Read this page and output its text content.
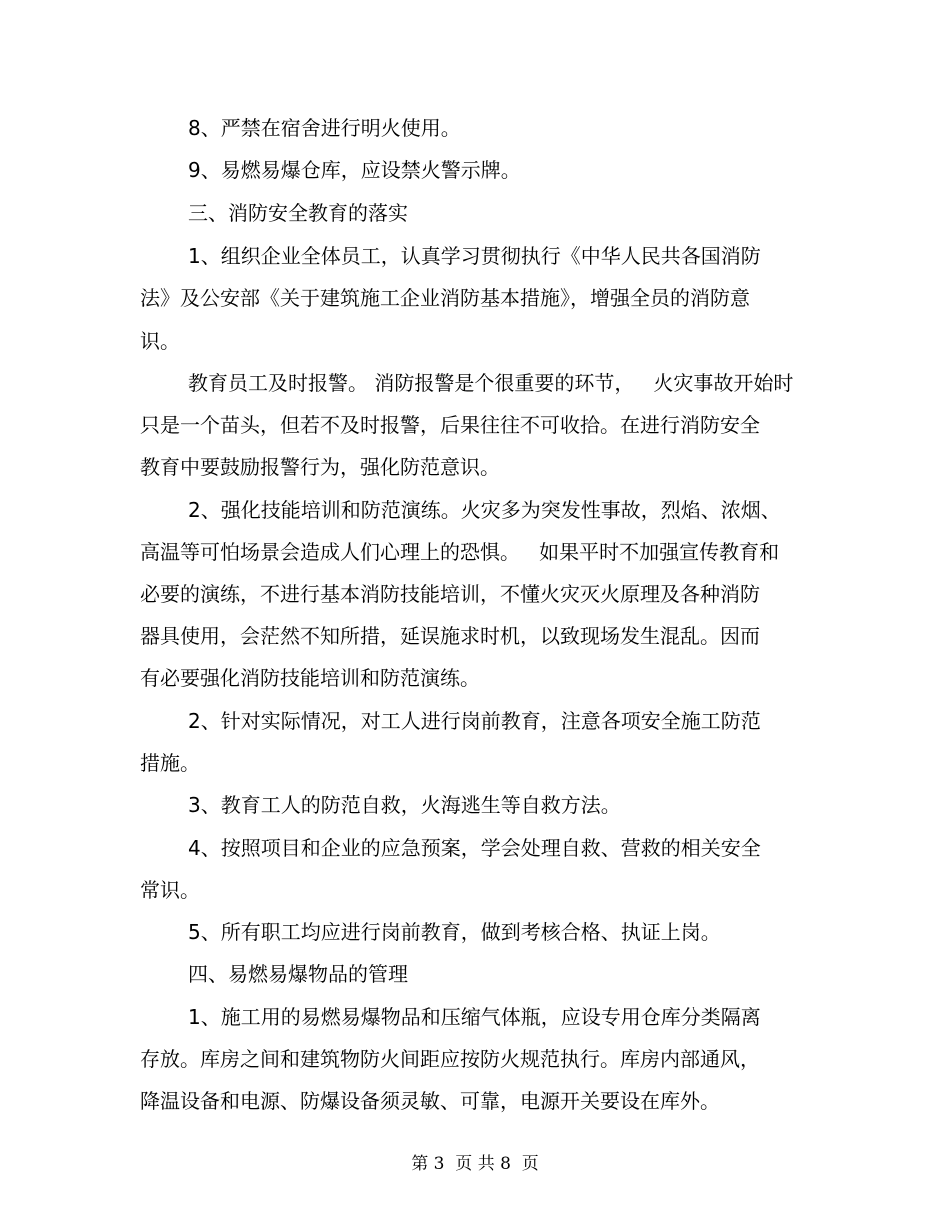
8、严禁在宿舍进行明火使用。
9、易燃易爆仓库，应设禁火警示牌。
三、消防安全教育的落实
1、组织企业全体员工，认真学习贯彻执行《中华人民共各国消防
法》及公安部《关于建筑施工企业消防基本措施》，增强全员的消防意
识。
教育员工及时报警。 消防报警是个很重要的环节，   火灾事故开始时
只是一个苗头，但若不及时报警，后果往往不可收拾。在进行消防安全
教育中要鼓励报警行为，强化防范意识。
2、强化技能培训和防范演练。火灾多为突发性事故，烈焰、浓烟、
高温等可怕场景会造成人们心理上的恐惧。   如果平时不加强宣传教育和
必要的演练，不进行基本消防技能培训，不懂火灾灭火原理及各种消防
器具使用，会茫然不知所措，延误施求时机，以致现场发生混乱。因而
有必要强化消防技能培训和防范演练。
2、针对实际情况，对工人进行岗前教育，注意各项安全施工防范
措施。
3、教育工人的防范自救，火海逃生等自救方法。
4、按照项目和企业的应急预案，学会处理自救、营救的相关安全
常识。
5、所有职工均应进行岗前教育，做到考核合格、执证上岗。
四、易燃易爆物品的管理
1、施工用的易燃易爆物品和压缩气体瓶，应设专用仓库分类隔离
存放。库房之间和建筑物防火间距应按防火规范执行。库房内部通风，
降温设备和电源、防爆设备须灵敏、可靠，电源开关要设在库外。
第 3  页 共 8  页
